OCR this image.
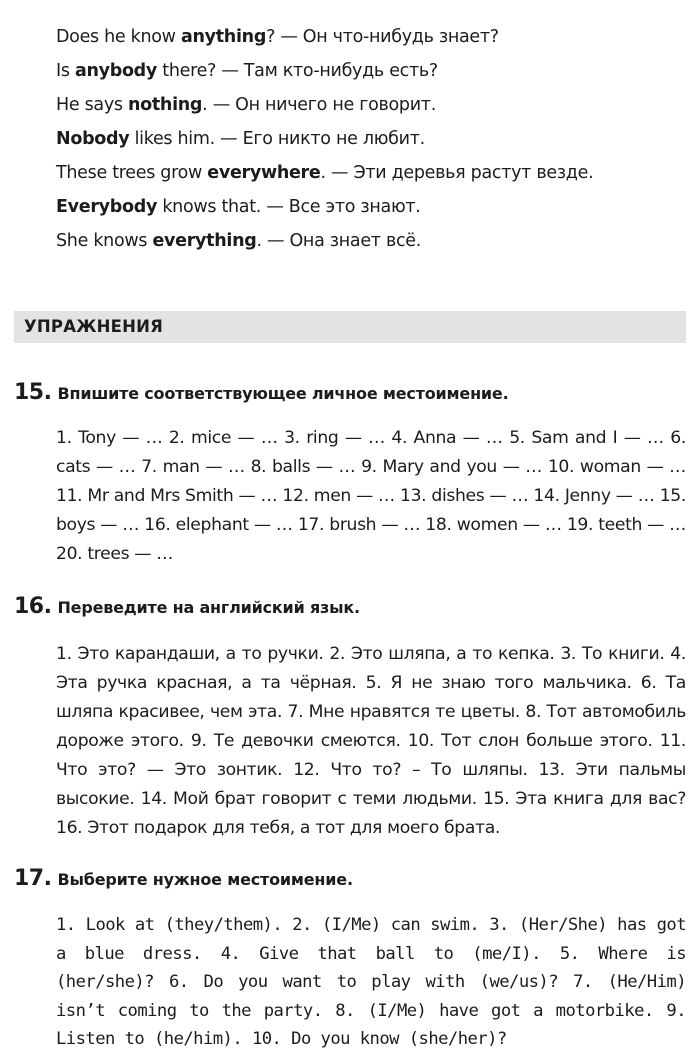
Does he know anything? — Он что-нибудь знает?
Is anybody there? — Там кто-нибудь есть?
He says nothing. — Он ничего не говорит.
Nobody likes him. — Его никто не любит.
These trees grow everywhere. — Эти деревья растут везде.
Everybody knows that. — Все это знают.
She knows everything. — Она знает всё.
УПРАЖНЕНИЯ
15. Впишите соответствующее личное местоимение.
1. Tony — … 2. mice — … 3. ring — … 4. Anna — … 5. Sam and I — … 6. cats — … 7. man — … 8. balls — … 9. Mary and you — … 10. woman — … 11. Mr and Mrs Smith — … 12. men — … 13. dishes — … 14. Jenny — … 15. boys — … 16. elephant — … 17. brush — … 18. women — … 19. teeth — … 20. trees — …
16. Переведите на английский язык.
1. Это карандаши, а то ручки. 2. Это шляпа, а то кепка. 3. То книги. 4. Эта ручка красная, а та чёрная. 5. Я не знаю того мальчика. 6. Та шляпа красивее, чем эта. 7. Мне нравятся те цветы. 8. Тот автомобиль дороже этого. 9. Те девочки смеются. 10. Тот слон больше этого. 11. Что это? — Это зонтик. 12. Что то? – То шляпы. 13. Эти пальмы высокие. 14. Мой брат говорит с теми людьми. 15. Эта книга для вас? 16. Этот подарок для тебя, а тот для моего брата.
17. Выберите нужное местоимение.
1. Look at (they/them). 2. (I/Me) can swim. 3. (Her/She) has got a blue dress. 4. Give that ball to (me/I). 5. Where is (her/she)? 6. Do you want to play with (we/us)? 7. (He/Him) isn’t coming to the party. 8. (I/Me) have got a motorbike. 9. Listen to (he/him). 10. Do you know (she/her)?
